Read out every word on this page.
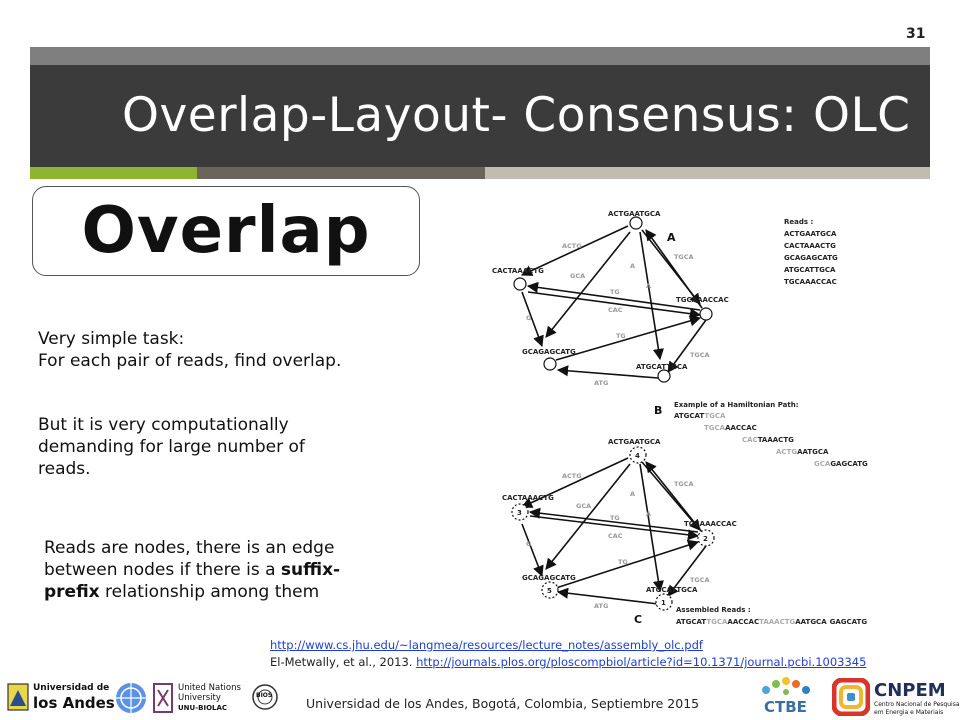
31
Overlap-Layout- Consensus: OLC
Overlap
Very simple task:
For each pair of reads, find overlap.
But it is very computationally
demanding for large number of
reads.
Reads are nodes, there is an edge
between nodes if there is a suffix-
prefix relationship among them
ACTGAATGCA
CACTAAACTG
TGCAAACCAC
GCAGAGCATG
ATGCATTGCA
ACTG
GCA
A
TGCA
A
TG
CAC
G
TG
TGCA
ATG
A
Reads :
ACTGAATGCA
CACTAAACTG
GCAGAGCATG
ATGCATTGCA
TGCAAACCAC
B Example of a Hamiltonian Path:
ATGCATTGCA
TGCAAACCAC
CACTAAACTG
ACTGAATGCA
GCAGAGCATG
4
3
2
5
1
ACTGAATGCA
CACTAAACTG
TGCAAACCAC
GCAGAGCATG
ATGCATTGCA
ACTG
GCA
A
TGCA
A
TG
CAC
G
TG
TGCA
ATG
C
Assembled Reads :
ATGCATTGCAAACCACTAAACTGAATGCA GAGCATG
http://www.cs.jhu.edu/~langmea/resources/lecture_notes/assembly_olc.pdf
El-Metwally, et al., 2013. http://journals.plos.org/ploscompbiol/article?id=10.1371/journal.pcbi.1003345
Universidad de los Andes, Bogotá, Colombia, Septiembre 2015
Universidad de
los Andes
United Nations
University
UNU-BIOLAC
BIOS
CTBE
CNPEM
Centro Nacional de Pesquisa
em Energia e Materiais
